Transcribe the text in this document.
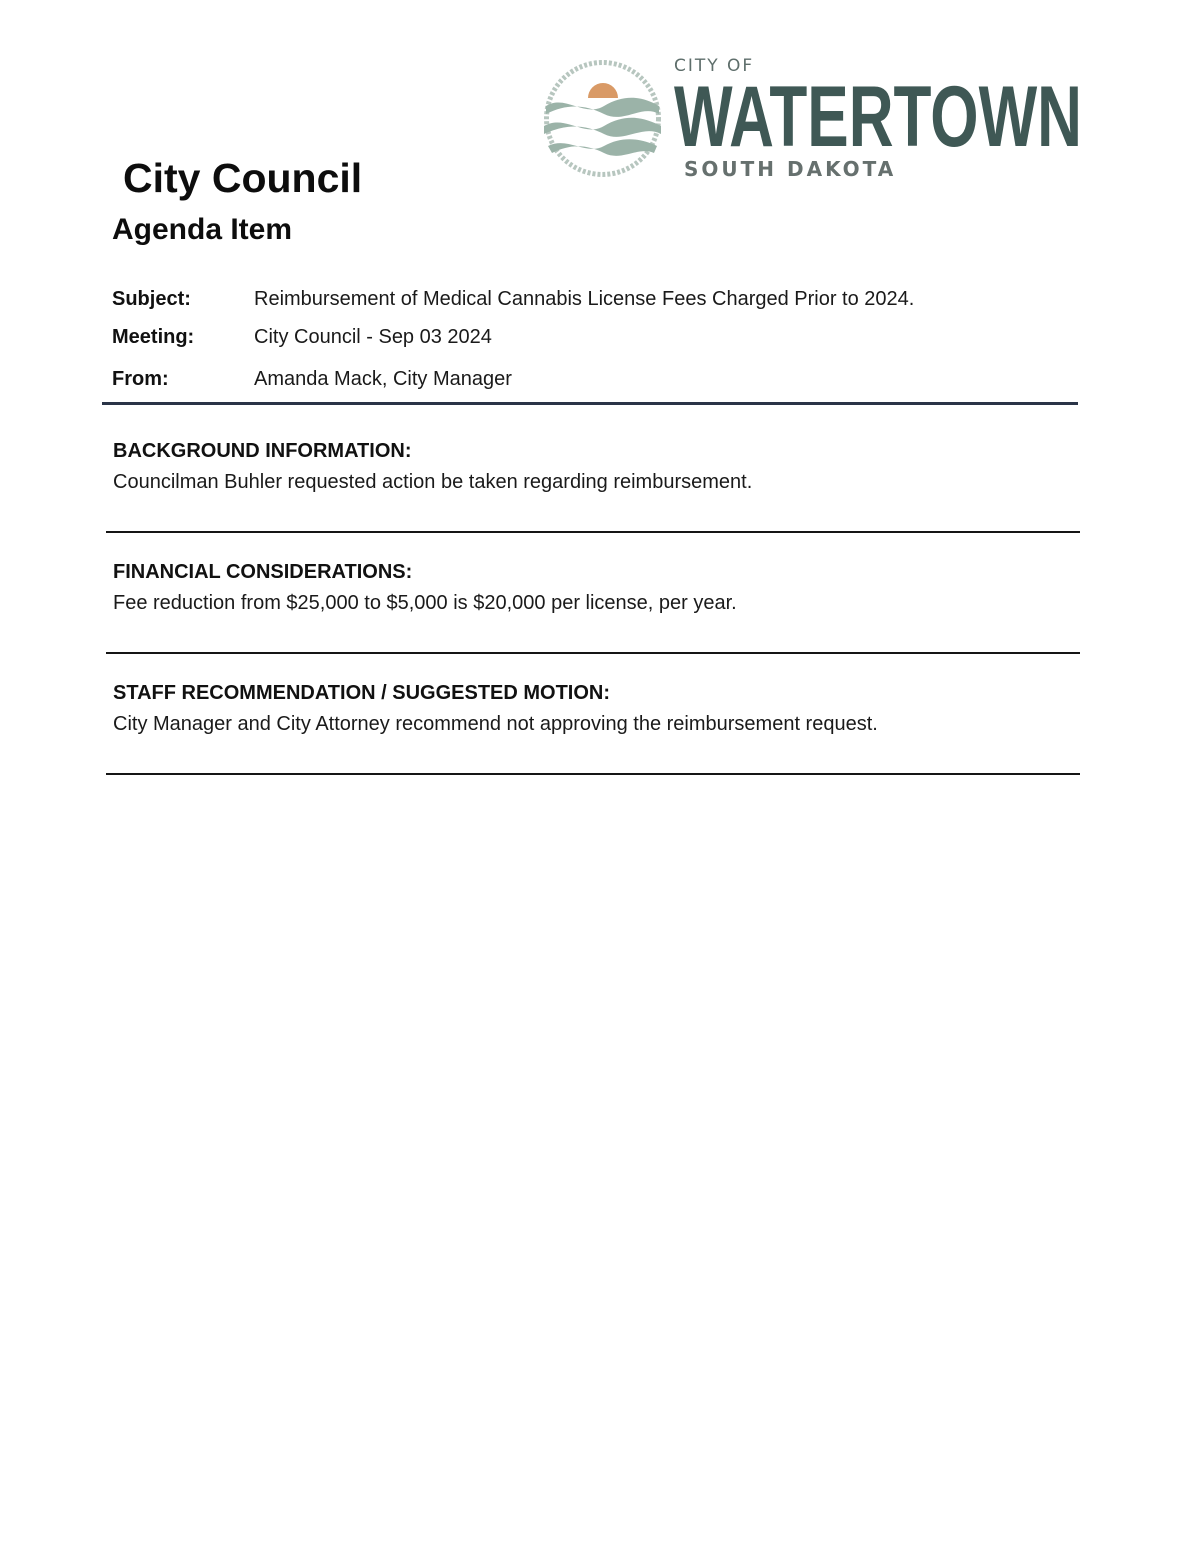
CITY OF
WATERTOWN
SOUTH DAKOTA
City Council
Agenda Item
Subject:	Reimbursement of Medical Cannabis License Fees Charged Prior to 2024.
Meeting:	City Council - Sep 03 2024
From:	Amanda Mack, City Manager
BACKGROUND INFORMATION:

Councilman Buhler requested action be taken regarding reimbursement.

FINANCIAL CONSIDERATIONS:

Fee reduction from $25,000 to $5,000 is $20,000 per license, per year.

STAFF RECOMMENDATION / SUGGESTED MOTION:

City Manager and City Attorney recommend not approving the reimbursement request.
